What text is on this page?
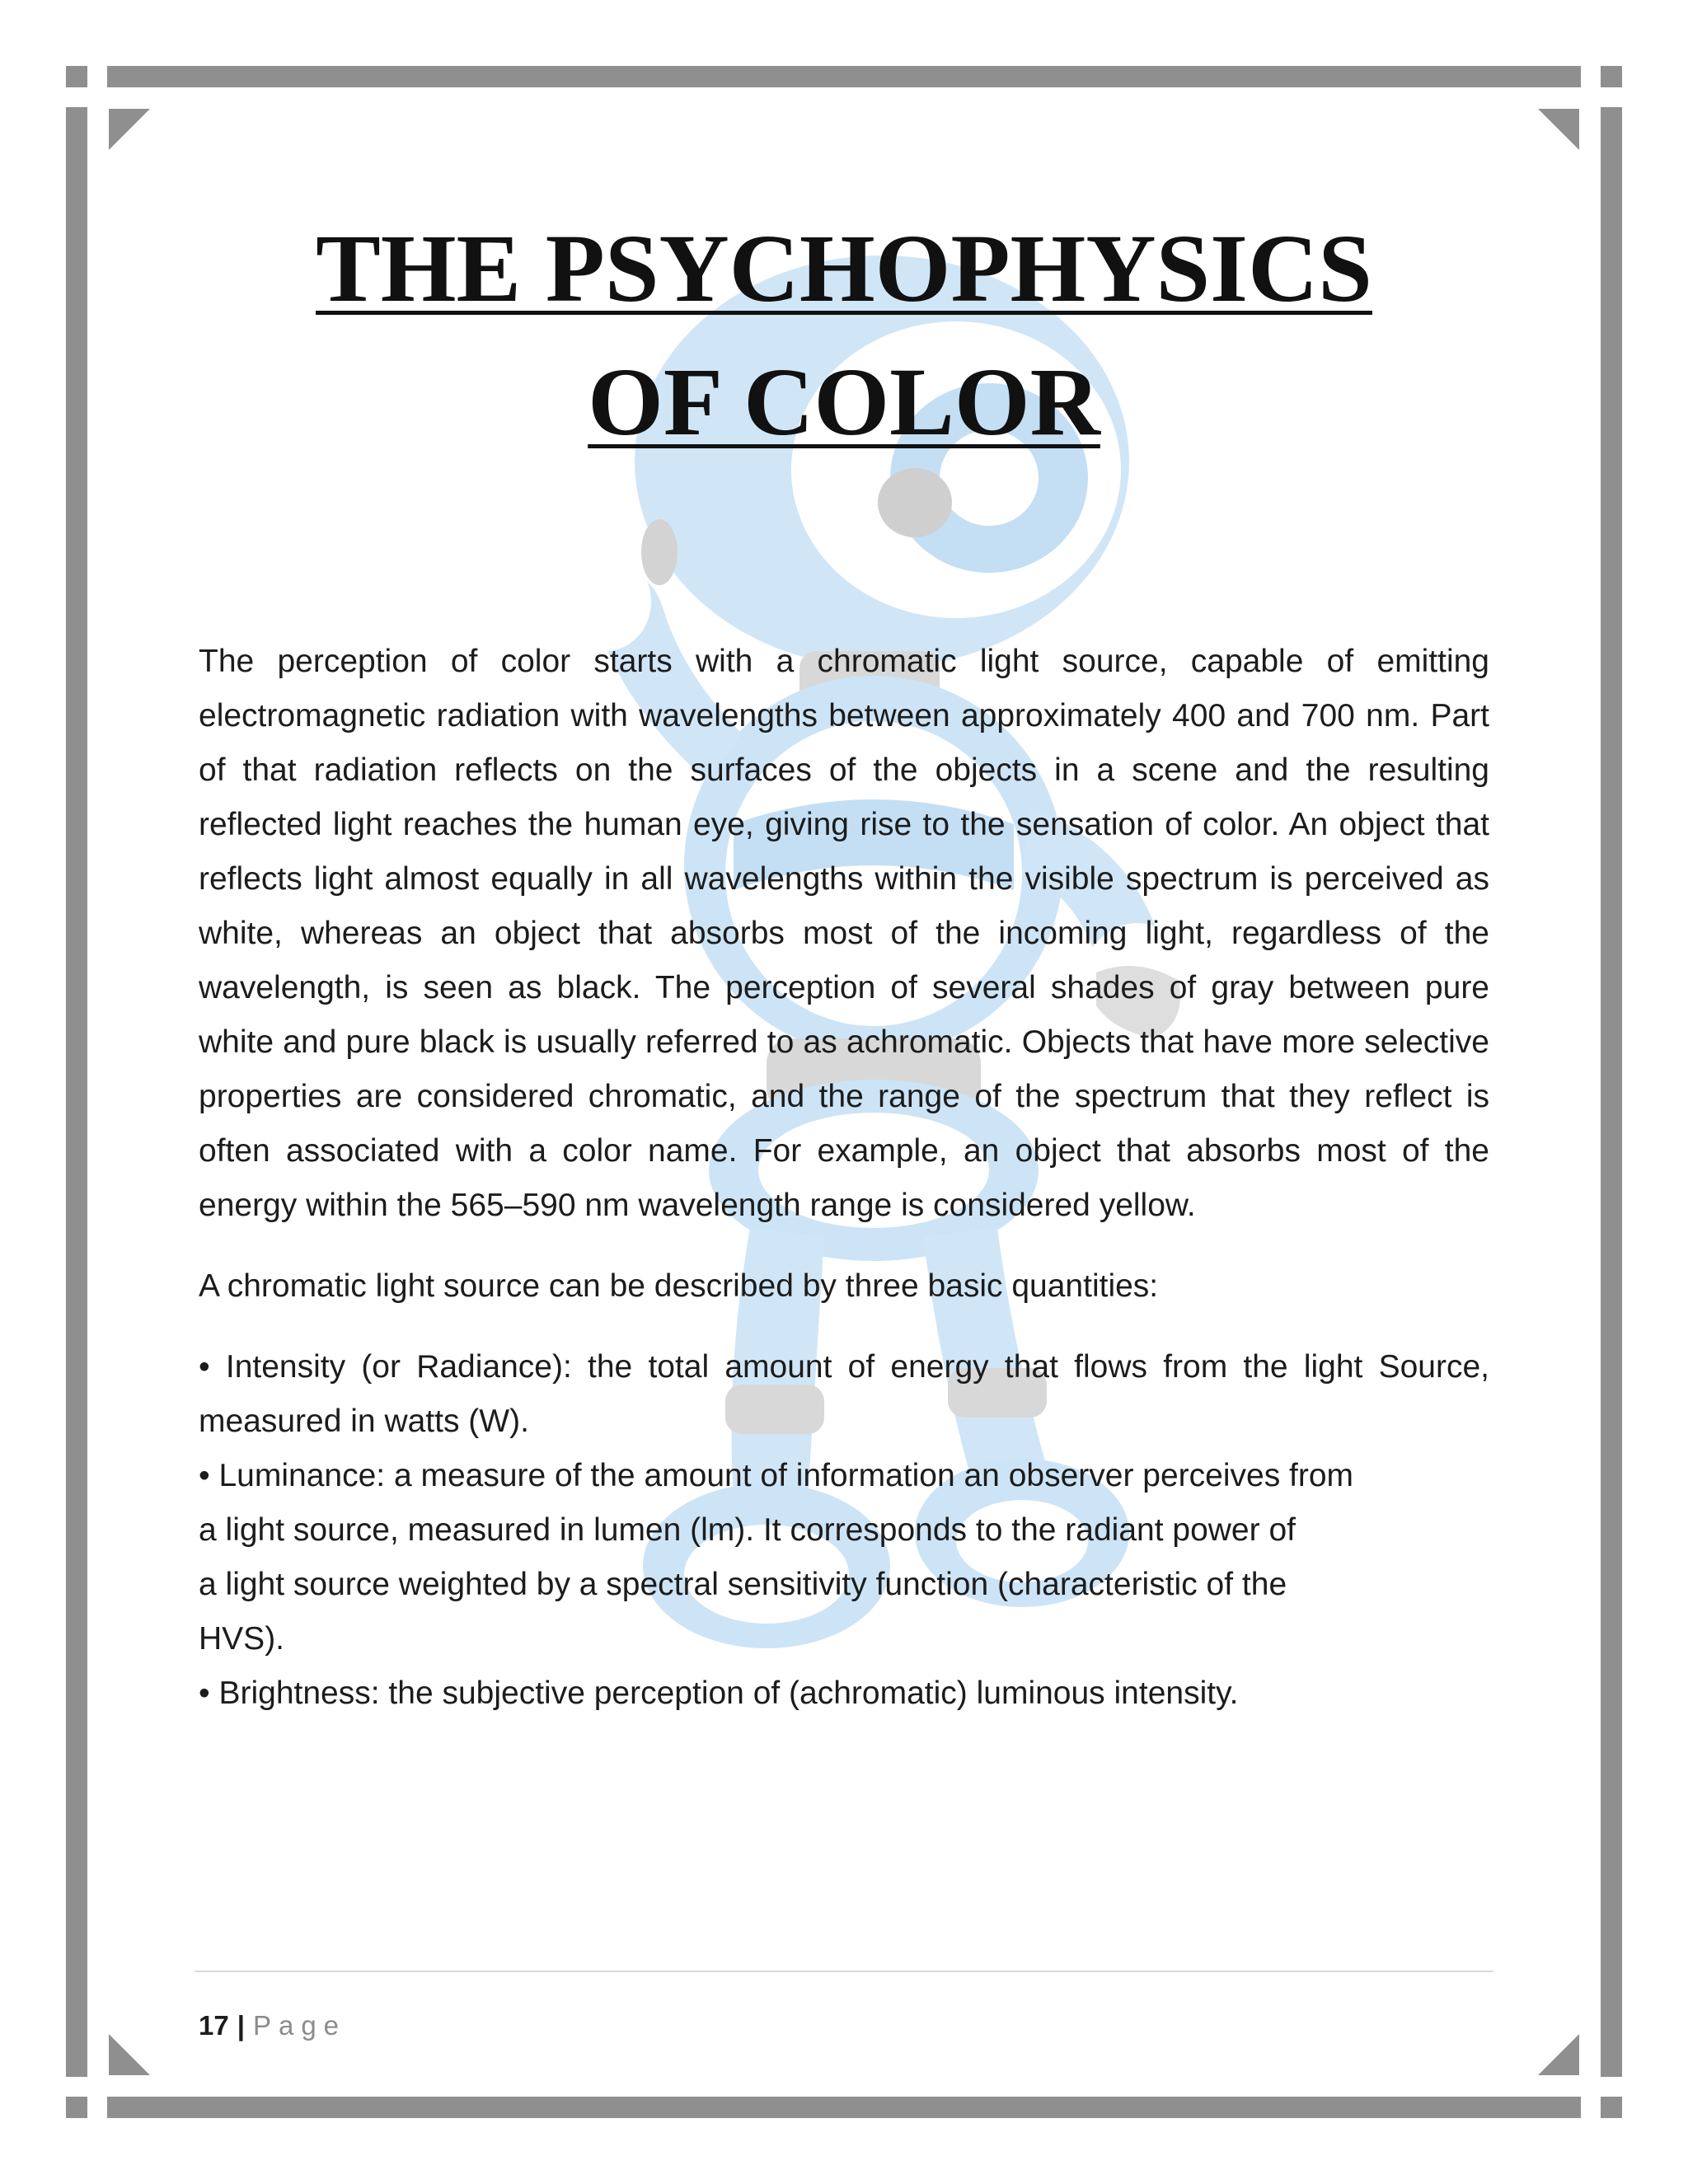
THE PSYCHOPHYSICS
OF COLOR

The perception of color starts with a chromatic light source, capable of emitting electromagnetic radiation with wavelengths between approximately 400 and 700 nm. Part of that radiation reflects on the surfaces of the objects in a scene and the resulting reflected light reaches the human eye, giving rise to the sensation of color. An object that reflects light almost equally in all wavelengths within the visible spectrum is perceived as white, whereas an object that absorbs most of the incoming light, regardless of the wavelength, is seen as black. The perception of several shades of gray between pure white and pure black is usually referred to as achromatic. Objects that have more selective properties are considered chromatic, and the range of the spectrum that they reflect is often associated with a color name. For example, an object that absorbs most of the energy within the 565–590 nm wavelength range is considered yellow.

A chromatic light source can be described by three basic quantities:

• Intensity (or Radiance): the total amount of energy that flows from the light Source, measured in watts (W).

• Luminance: a measure of the amount of information an observer perceives from

a light source, measured in lumen (lm). It corresponds to the radiant power of

a light source weighted by a spectral sensitivity function (characteristic of the

HVS).

• Brightness: the subjective perception of (achromatic) luminous intensity.

17 | Page
